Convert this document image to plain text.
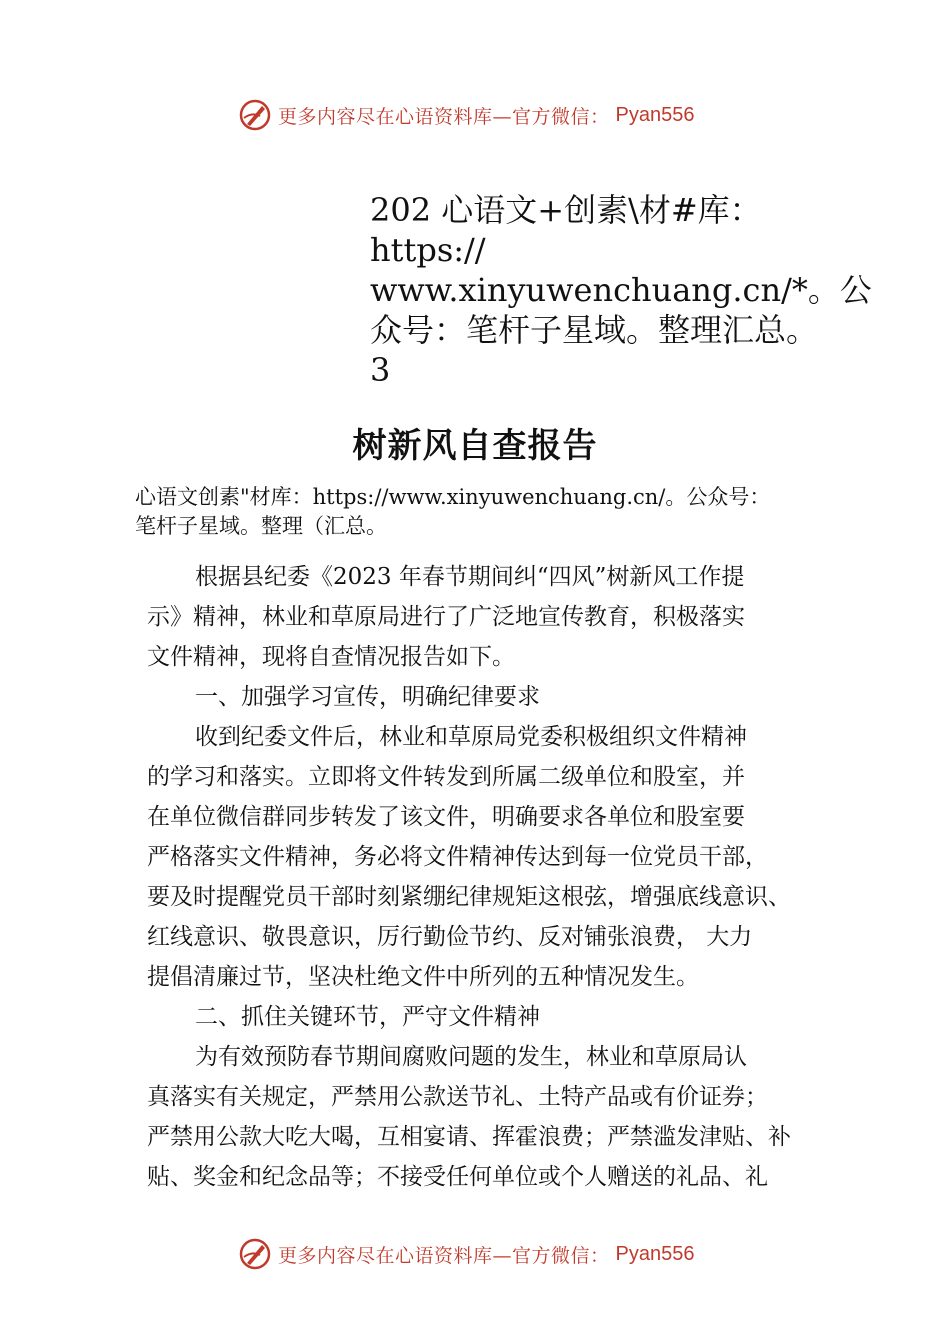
更多内容尽在心语资料库—官方微信： Pyan556
202 心语文+创素\材#库：
https://
www.xinyuwenchuang.cn/*。公
众号：笔杆子星域。整理汇总。
3
树新风自查报告
心语文创素"材库：https://www.xinyuwenchuang.cn/。公众号：
笔杆子星域。整理（汇总。
根据县纪委《2023 年春节期间纠“四风”树新风工作提
示》精神，林业和草原局进行了广泛地宣传教育，积极落实
文件精神，现将自查情况报告如下。
一、加强学习宣传，明确纪律要求
收到纪委文件后，林业和草原局党委积极组织文件精神
的学习和落实。立即将文件转发到所属二级单位和股室，并
在单位微信群同步转发了该文件，明确要求各单位和股室要
严格落实文件精神，务必将文件精神传达到每一位党员干部，
要及时提醒党员干部时刻紧绷纪律规矩这根弦，增强底线意识、
红线意识、敬畏意识，厉行勤俭节约、反对铺张浪费， 大力
提倡清廉过节，坚决杜绝文件中所列的五种情况发生。
二、抓住关键环节，严守文件精神
为有效预防春节期间腐败问题的发生，林业和草原局认
真落实有关规定，严禁用公款送节礼、土特产品或有价证券；
严禁用公款大吃大喝，互相宴请、挥霍浪费；严禁滥发津贴、补
贴、奖金和纪念品等；不接受任何单位或个人赠送的礼品、礼
更多内容尽在心语资料库—官方微信： Pyan556
